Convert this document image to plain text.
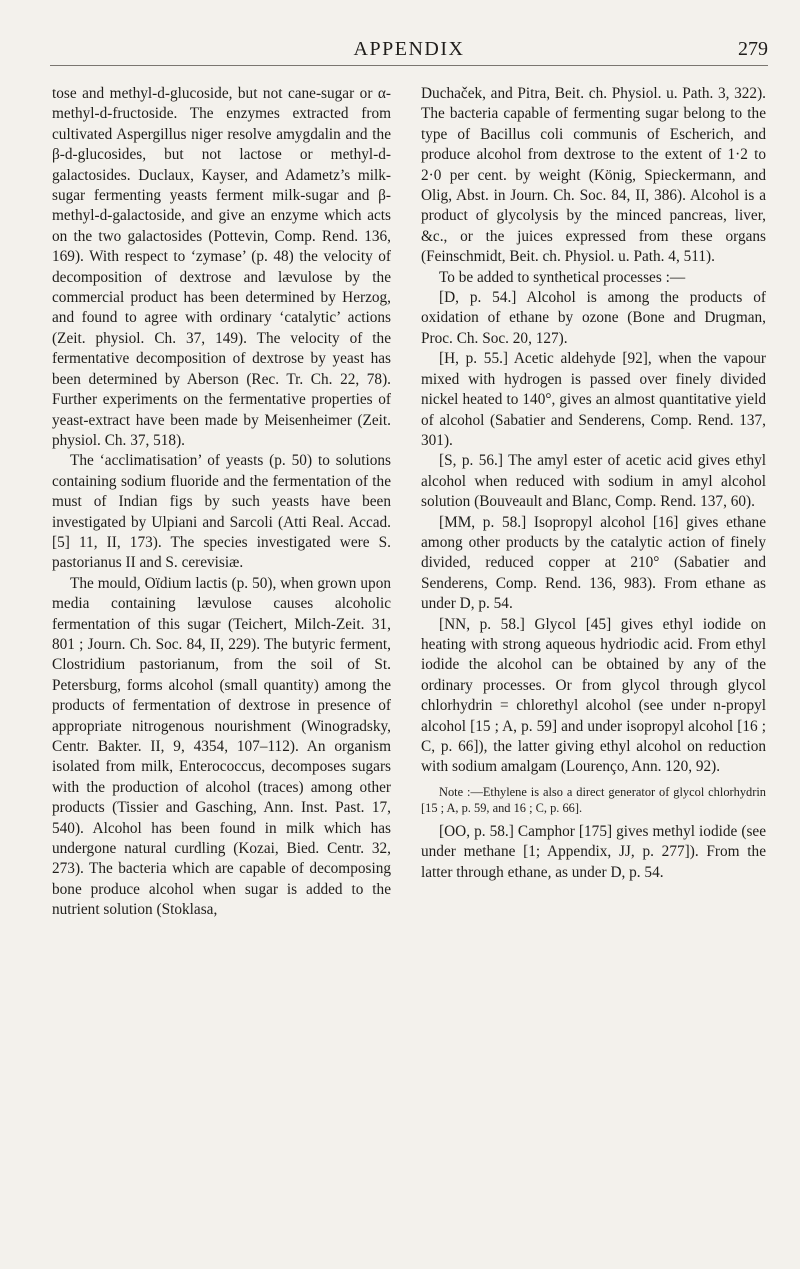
APPENDIX	279

tose and methyl-d-glucoside, but not cane-sugar or α-methyl-d-fructoside. The enzymes extracted from cultivated Aspergillus niger resolve amygdalin and the β-d-glucosides, but not lactose or methyl-d-galactosides. Duclaux, Kayser, and Adametz’s milk-sugar fermenting yeasts ferment milk-sugar and β-methyl-d-galactoside, and give an enzyme which acts on the two galactosides (Pottevin, Comp. Rend. 136, 169). With respect to ‘zymase’ (p. 48) the velocity of decomposition of dextrose and lævulose by the commercial product has been determined by Herzog, and found to agree with ordinary ‘catalytic’ actions (Zeit. physiol. Ch. 37, 149). The velocity of the fermentative decomposition of dextrose by yeast has been determined by Aberson (Rec. Tr. Ch. 22, 78). Further experiments on the fermentative properties of yeast-extract have been made by Meisenheimer (Zeit. physiol. Ch. 37, 518).

The ‘acclimatisation’ of yeasts (p. 50) to solutions containing sodium fluoride and the fermentation of the must of Indian figs by such yeasts have been investigated by Ulpiani and Sarcoli (Atti Real. Accad. [5] 11, II, 173). The species investigated were S. pastorianus II and S. cerevisiæ.

The mould, Oïdium lactis (p. 50), when grown upon media containing lævulose causes alcoholic fermentation of this sugar (Teichert, Milch-Zeit. 31, 801 ; Journ. Ch. Soc. 84, II, 229). The butyric ferment, Clostridium pastorianum, from the soil of St. Petersburg, forms alcohol (small quantity) among the products of fermentation of dextrose in presence of appropriate nitrogenous nourishment (Winogradsky, Centr. Bakter. II, 9, 4354, 107–112). An organism isolated from milk, Enterococcus, decomposes sugars with the production of alcohol (traces) among other products (Tissier and Gasching, Ann. Inst. Past. 17, 540). Alcohol has been found in milk which has undergone natural curdling (Kozai, Bied. Centr. 32, 273). The bacteria which are capable of decomposing bone produce alcohol when sugar is added to the nutrient solution (Stoklasa,

Duchaček, and Pitra, Beit. ch. Physiol. u. Path. 3, 322). The bacteria capable of fermenting sugar belong to the type of Bacillus coli communis of Escherich, and produce alcohol from dextrose to the extent of 1·2 to 2·0 per cent. by weight (König, Spieckermann, and Olig, Abst. in Journ. Ch. Soc. 84, II, 386). Alcohol is a product of glycolysis by the minced pancreas, liver, &c., or the juices expressed from these organs (Feinschmidt, Beit. ch. Physiol. u. Path. 4, 511).

To be added to synthetical processes :—

[D, p. 54.] Alcohol is among the products of oxidation of ethane by ozone (Bone and Drugman, Proc. Ch. Soc. 20, 127).

[H, p. 55.] Acetic aldehyde [92], when the vapour mixed with hydrogen is passed over finely divided nickel heated to 140°, gives an almost quantitative yield of alcohol (Sabatier and Senderens, Comp. Rend. 137, 301).

[S, p. 56.] The amyl ester of acetic acid gives ethyl alcohol when reduced with sodium in amyl alcohol solution (Bouveault and Blanc, Comp. Rend. 137, 60).

[MM, p. 58.] Isopropyl alcohol [16] gives ethane among other products by the catalytic action of finely divided, reduced copper at 210° (Sabatier and Senderens, Comp. Rend. 136, 983). From ethane as under D, p. 54.

[NN, p. 58.] Glycol [45] gives ethyl iodide on heating with strong aqueous hydriodic acid. From ethyl iodide the alcohol can be obtained by any of the ordinary processes. Or from glycol through glycol chlorhydrin = chlorethyl alcohol (see under n-propyl alcohol [15 ; A, p. 59] and under isopropyl alcohol [16 ; C, p. 66]), the latter giving ethyl alcohol on reduction with sodium amalgam (Lourenço, Ann. 120, 92).

Note :—Ethylene is also a direct generator of glycol chlorhydrin [15 ; A, p. 59, and 16 ; C, p. 66].

[OO, p. 58.] Camphor [175] gives methyl iodide (see under methane [1; Appendix, JJ, p. 277]). From the latter through ethane, as under D, p. 54.
